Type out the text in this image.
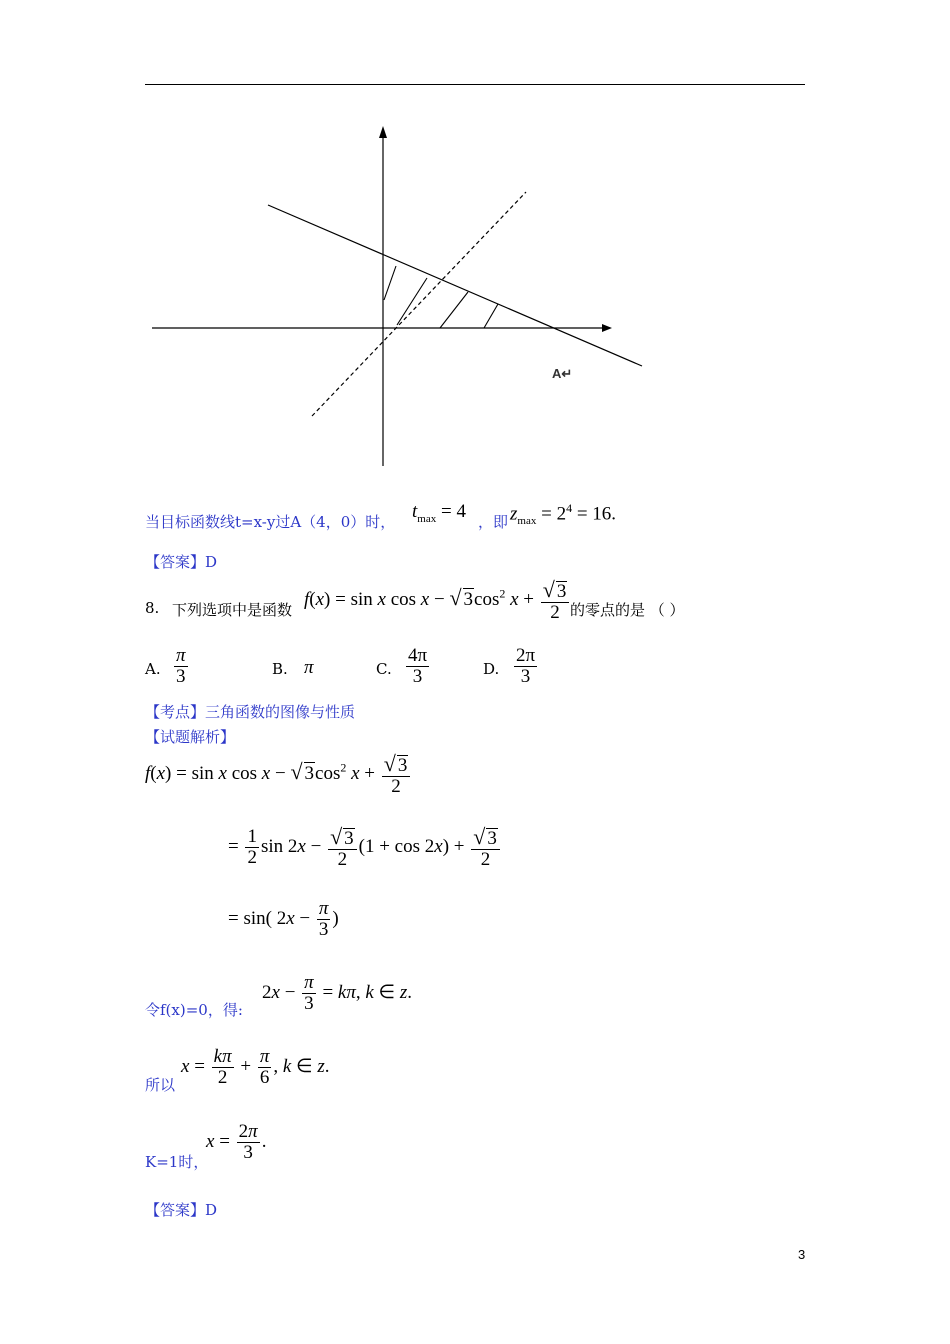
A↵
当目标函数线t=x-y过A（4，0）时， $t_{max} = 4$ ，即 $z_{max} = 2^4 = 16$.
【答案】D
8. 下列选项中是函数
f(x) = sin x cos x − √ $3\cos^2$ $x + \frac{√ 3}{2}$ 的零点的是 （ ）
A. $\frac{\pi}{3}$	B. π	C. $\frac{4\pi}{3}$	D. $\frac{2\pi}{3}$
【考点】三角函数的图像与性质
【试题解析】
f(x) = sin x cos x − √ $3\cos^2$ $x + \frac{√ 3}{2}$
= $\frac{1}{2}$ $\sin 2x - \frac{√ 3}{2} (1 + \cos 2x) + \frac{√ 3}{2}$
= sin( $2x - \frac{\pi}{3}$ )
令f(x)=0，得:
$2x - \frac{\pi}{3} = k\pi$, k ∈ z.
所以
$x = \frac{k\pi}{2} + \frac{\pi}{6}$ , k ∈ z.
K=1时，
$x = \frac{2\pi}{3}$ .
【答案】D
3
